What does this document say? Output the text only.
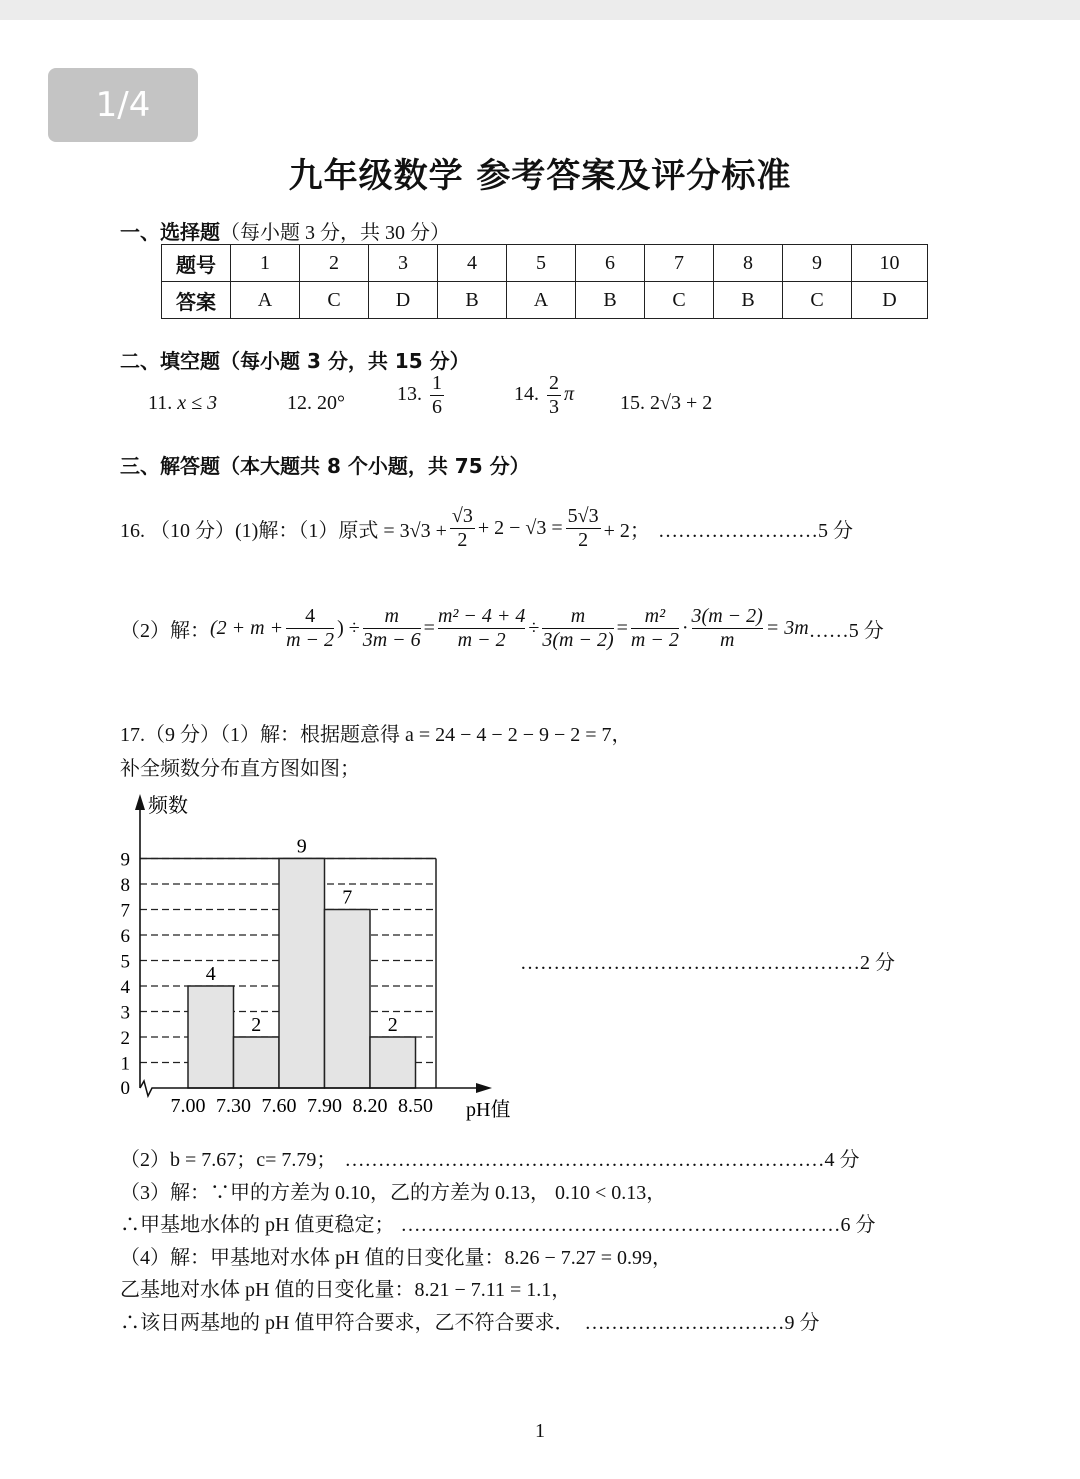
1/4
九年级数学 参考答案及评分标准
一、选择题（每小题 3 分，共 30 分）
题号	1	2	3	4	5	6	7	8	9	10
答案	A	C	D	B	A	B	C	B	C	D
二、填空题（每小题 3 分，共 15 分）
11. x ≤ 3	12. 20°	13. $\frac{1}{6}$	14. $\frac{2}{3}$ π 15. 2√3 + 2
三、解答题（本大题共 8 个小题，共 75 分）
16. （10 分）(1)解：（1）原式 = $3√3 + \frac{√3}{2} + 2 - √3 = \frac{5√3}{2} + 2$； ……………………5 分
（2）解： ($2 + m + \frac{4}{m - 2}$ ) ÷ $\frac{m}{3m - 6} = \frac{\text{m² − 4 + 4}}{m - 2} \div \frac{m}{3(m - 2)} = \frac{\text{m²}}{m - 2} \cdot \frac{3(m - 2)}{m} = 3m$ ……5 分
17.（9 分）（1）解：根据题意得 a = 24 − 4 − 2 − 9 − 2 = 7，
补全频数分布直方图如图；
4
2
9
7
2
频数
0
1
2
3
4
5
6
7
8
9
7.00 7.30 7.60 7.90 8.20 8.50 pH值
……………………………………………2 分
（2）b = 7.67；c= 7.79； ………………………………………………………………4 分
（3）解：∵甲的方差为 0.10，乙的方差为 0.13， 0.10 < 0.13，
∴甲基地水体的 pH 值更稳定； …………………………………………………………6 分
（4）解：甲基地对水体 pH 值的日变化量：8.26 − 7.27 = 0.99，
乙基地对水体 pH 值的日变化量：8.21 − 7.11 = 1.1，
∴该日两基地的 pH 值甲符合要求，乙不符合要求． …………………………9 分
1
